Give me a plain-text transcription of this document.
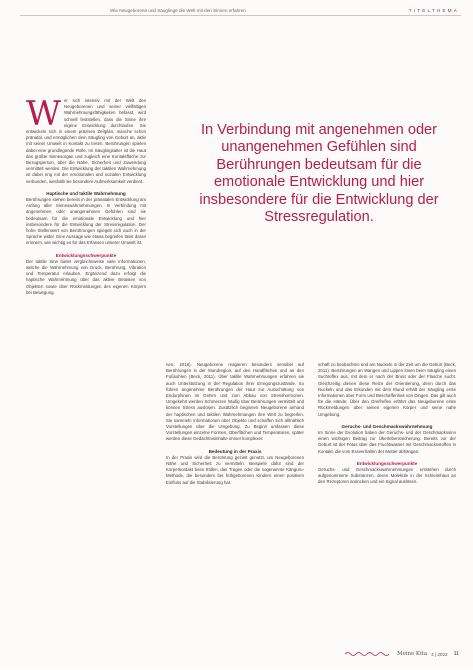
Wie Neugeborene und Säuglinge die Welt mit den Sinnen erfahren	TITELTHEMA

Wer sich intensiv mit der Welt des Neugeborenen und seiner vielfältigen Wahrnehmungsfähigkeiten befasst, wird schnell feststellen, dass die Sinne ihre eigene Entwicklung durchlaufen. Sie entwickeln sich in einem präzisen Zeitplan, manche schon pränatal, und ermöglichen dem Säugling von Geburt an, aktiv mit seiner Umwelt in Kontakt zu treten. Berührungen spielen dabei eine grundlegende Rolle. Im Säuglingsalter ist die Haut das größte Sinnesorgan und zugleich eine Kontaktfläche zur Bezugsperson, über die Nähe, Sicherheit und Zuwendung vermittelt werden. Die Entwicklung der taktilen Wahrnehmung ist dabei eng mit der emotionalen und sozialen Entwicklung verbunden, weshalb sie besondere Aufmerksamkeit verdient.

Haptische und taktile Wahrnehmung

Berührungen stehen bereits in der pränatalen Entwicklung am Anfang aller Sinneswahrnehmungen. In Verbindung mit angenehmen oder unangenehmen Gefühlen sind sie bedeutsam für die emotionale Entwicklung und hier insbesondere für die Entwicklung der Stressregulation. Der hohe Stellenwert von Berührungen spiegelt sich auch in der Sprache wider. Eine Aussage wie etwas begreifen lässt daran erinnern, wie wichtig es für das Erfassen unserer Umwelt ist.

Entwicklungsschwerpunkte

Der taktile Sinn bietet vergleichsweise viele Informationen, welche die Wahrnehmung von Druck, Berührung, Vibration und Temperatur erlauben. Ergänzend dazu erfolgt die haptische Wahrnehmung über das aktive Betasten von Objekten sowie über Rückmeldungen des eigenen Körpers bei Bewegung.

In Verbindung mit angenehmen oder unangenehmen Gefühlen sind Berührungen bedeutsam für die emotionale Entwicklung und hier insbesondere für die Entwicklung der Stressregulation.

nen, 2016). Neugeborene reagieren besonders sensibel auf Berührungen in der Mundregion, auf den Handflächen und an den Fußsohlen (Beck, 2011). Über taktile Wahrnehmungen erfahren sie auch Unterstützung in der Regulation ihrer Erregungszustände. So führen angenehme Berührungen der Haut zur Ausschüttung von Endorphinen im Gehirn und zum Abbau von Stresshormonen. Umgekehrt werden Schmerzen häufig über Berührungen vermittelt und können Stress auslösen. Zusätzlich beginnen Neugeborene anhand der haptischen und taktilen Wahrnehmungen ihre Welt zu begreifen. Sie sammeln Informationen über Objekte und schaffen sich allmählich Vorstellungen über die Umgebung. Zu Beginn umfassen diese Vorstellungen einzelne Formen, Oberflächen und Temperaturen, später werden diese Gedächtnisinhalte immer komplexer.

Bedeutung in der Praxis

In der Praxis wird die Berührung gezielt genutzt, um Neugeborenen Nähe und Sicherheit zu vermitteln. Beispiele dafür sind der Körperkontakt beim Stillen, das Tragen oder die sogenannte Känguru-Methode, die besonders bei frühgeborenen Kindern einen positiven Einfluss auf die Stabilisierung hat.

schaft zu beobachten und am Nuckeln in der Zeit um die Geburt (Beck, 2011). Berührungen an Wangen und Lippen lösen beim Säugling einen Suchreflex aus, mit dem er nach der Brust oder der Flasche sucht. Gleichzeitig dienen diese Reize der Orientierung, denn durch das Nuckeln und das Erkunden mit dem Mund erhält der Säugling erste Informationen über Form und Beschaffenheit von Dingen. Das gilt auch für die Hände: Über den Greifreflex erfährt das Neugeborene erste Rückmeldungen über seinen eigenen Körper und seine nahe Umgebung.

Geruchs- und Geschmackswahrnehmung

Im Sinne der Evolution haben der Geruchs- und der Geschmackssinn einen wichtigen Beitrag zur Überlebenssicherung. Bereits vor der Geburt ist der Fötus über das Fruchtwasser mit Geschmacksstoffen in Kontakt, die vom Essverhalten der Mutter abhängen.

Entwicklungsschwerpunkte

Geruchs- und Geschmackswahrnehmungen entstehen durch aufgenommene Substanzen, deren Moleküle in der Schleimhaut an den Rezeptoren andocken und ein Signal auslösen.

Meine Kita 4 | 2022 11
